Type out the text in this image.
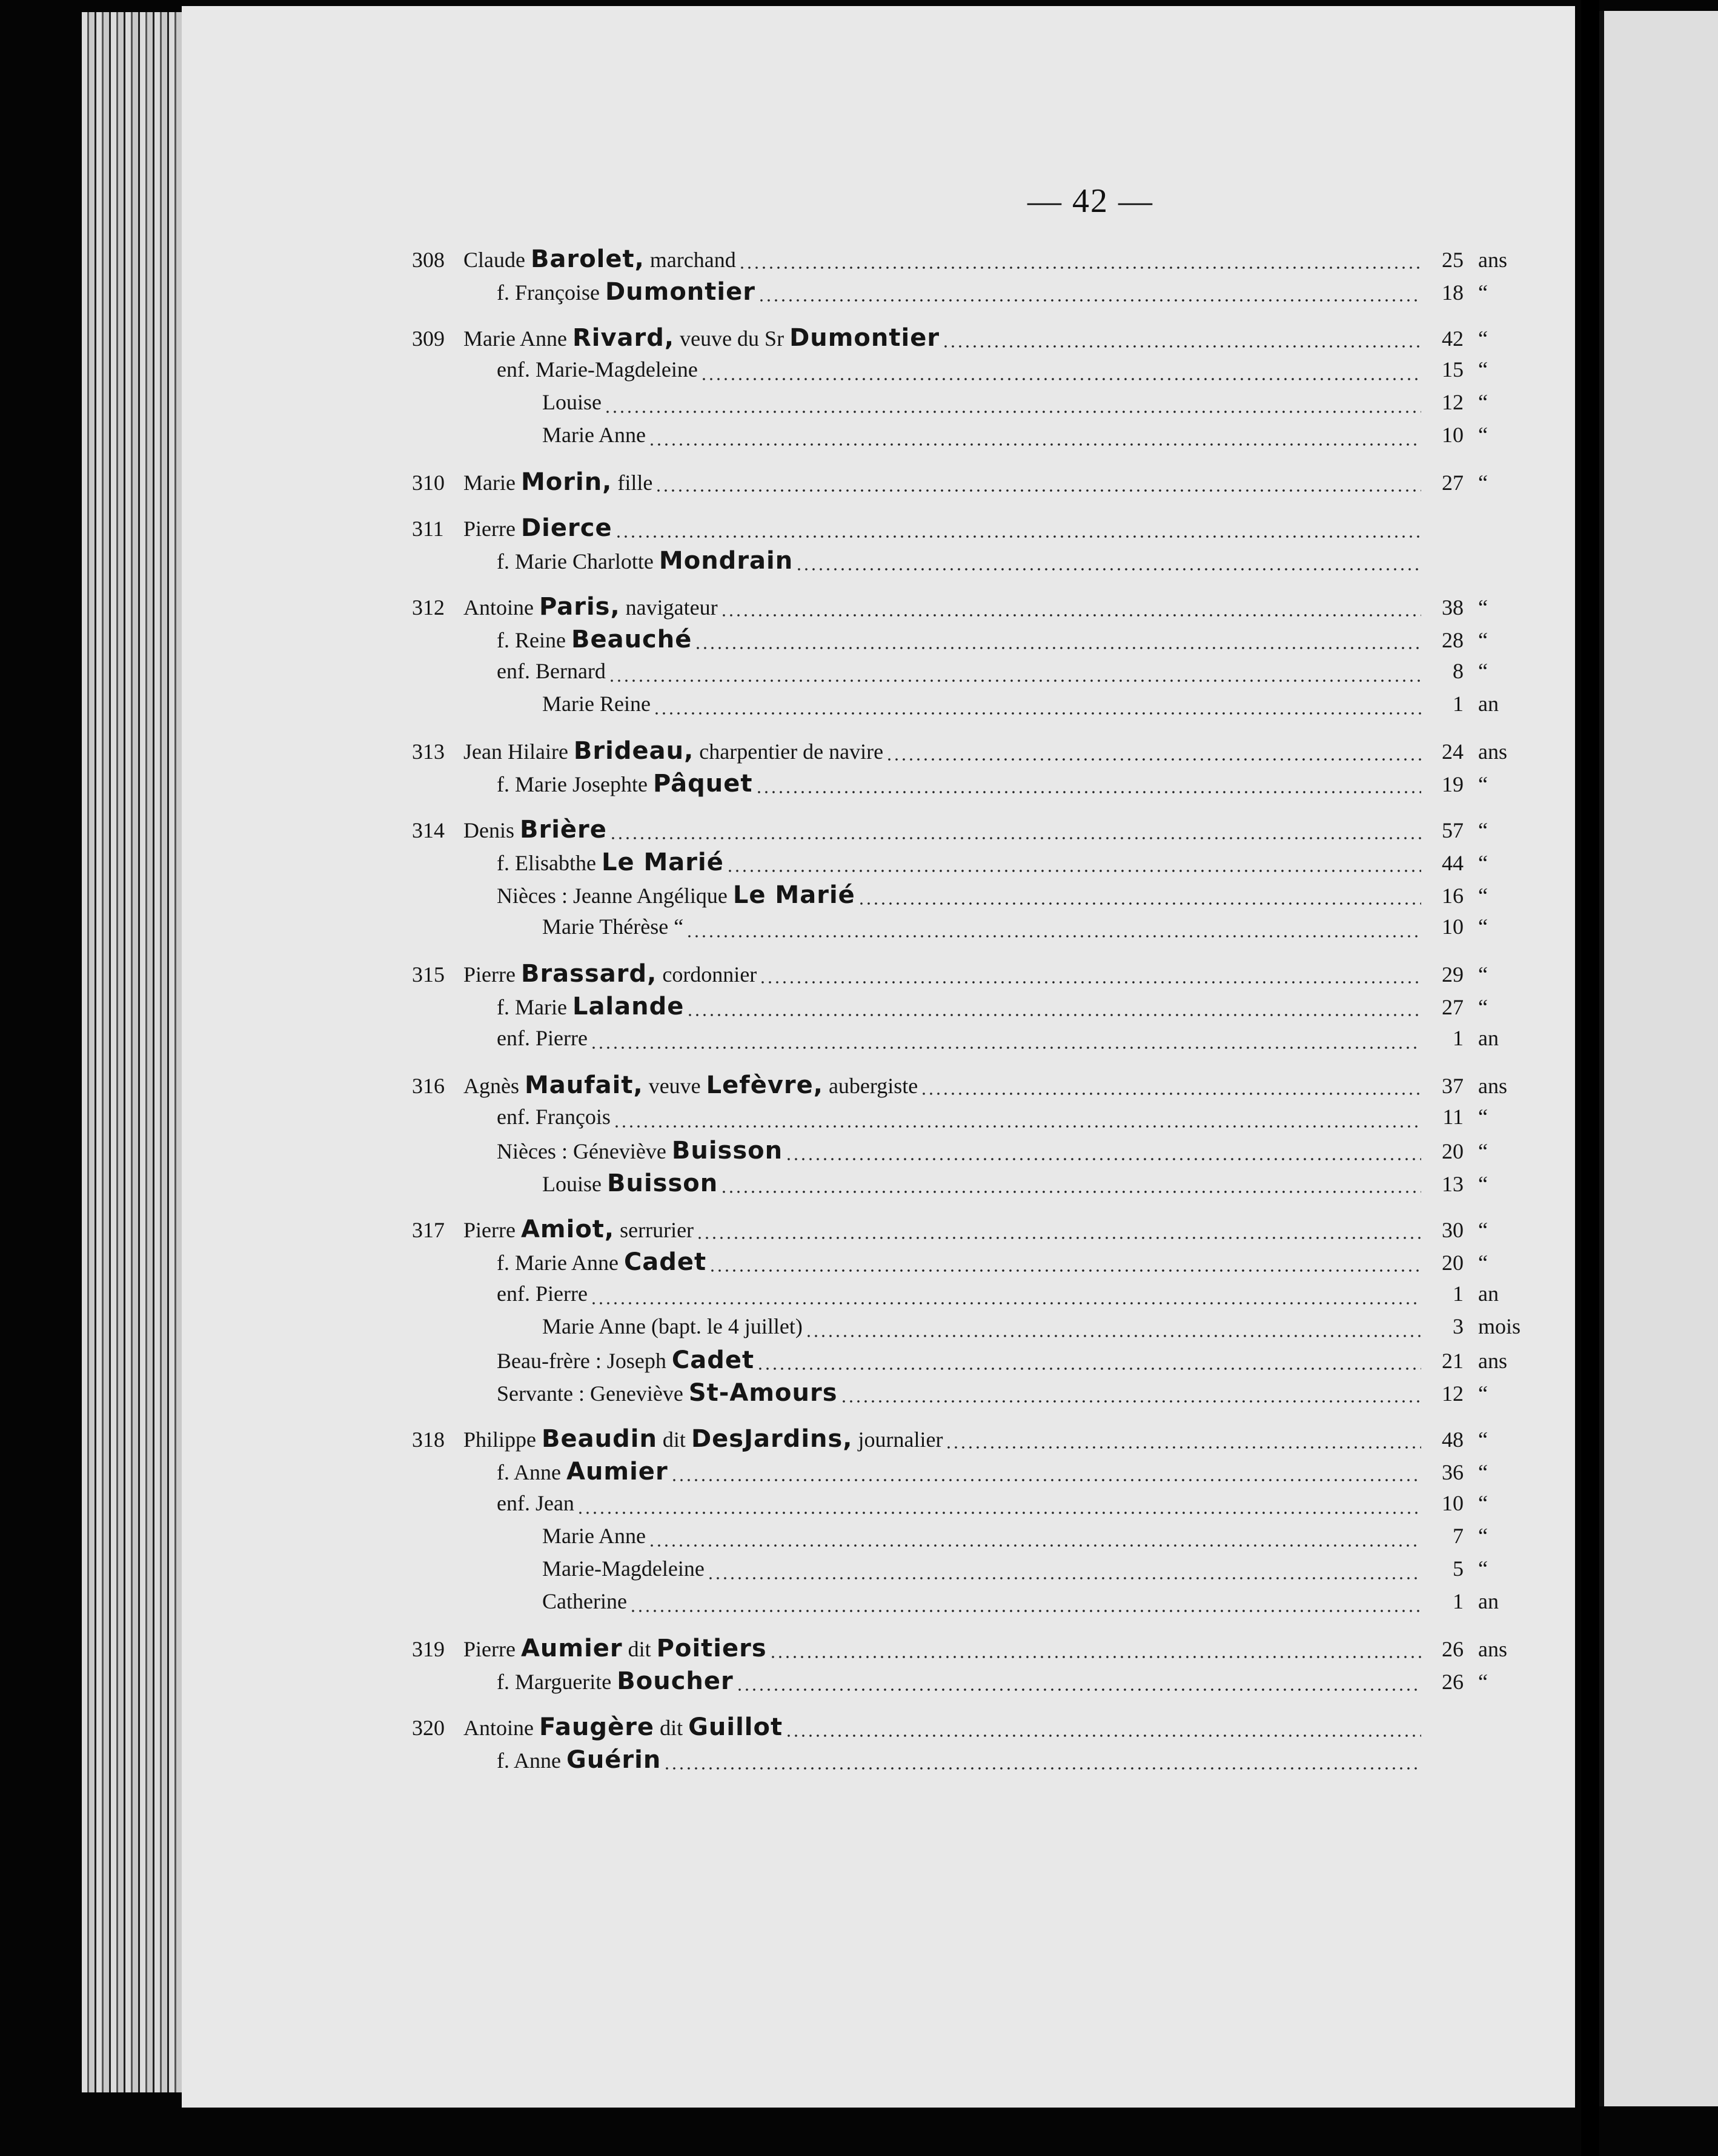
— 42 —
308 Claude Barolet, marchand	25 ans
f. Françoise Dumontier	18 “
309 Marie Anne Rivard, veuve du Sr Dumontier	42 “
enf. Marie-Magdeleine	15 “
Louise	12 “
Marie Anne	10 “
310 Marie Morin, fille	27 “
311 Pierre Dierce
f. Marie Charlotte Mondrain
312 Antoine Paris, navigateur	38 “
f. Reine Beauché	28 “
enf. Bernard	8 “
Marie Reine	1 an
313 Jean Hilaire Brideau, charpentier de navire	24 ans
f. Marie Josephte Pâquet	19 “
314 Denis Brière	57 “
f. Elisabthe Le Marié	44 “
Nièces : Jeanne Angélique Le Marié	16 “
Marie Thérèse “	10 “
315 Pierre Brassard, cordonnier	29 “
f. Marie Lalande	27 “
enf. Pierre	1 an
316 Agnès Maufait, veuve Lefèvre, aubergiste	37 ans
enf. François	11 “
Nièces : Géneviève Buisson	20 “
Louise Buisson	13 “
317 Pierre Amiot, serrurier	30 “
f. Marie Anne Cadet	20 “
enf. Pierre	1 an
Marie Anne (bapt. le 4 juillet)	3 mois
Beau-frère : Joseph Cadet	21 ans
Servante : Geneviève St-Amours	12 “
318 Philippe Beaudin dit DesJardins, journalier	48 “
f. Anne Aumier	36 “
enf. Jean	10 “
Marie Anne	7 “
Marie-Magdeleine	5 “
Catherine	1 an
319 Pierre Aumier dit Poitiers	26 ans
f. Marguerite Boucher	26 “
320 Antoine Faugère dit Guillot
f. Anne Guérin
